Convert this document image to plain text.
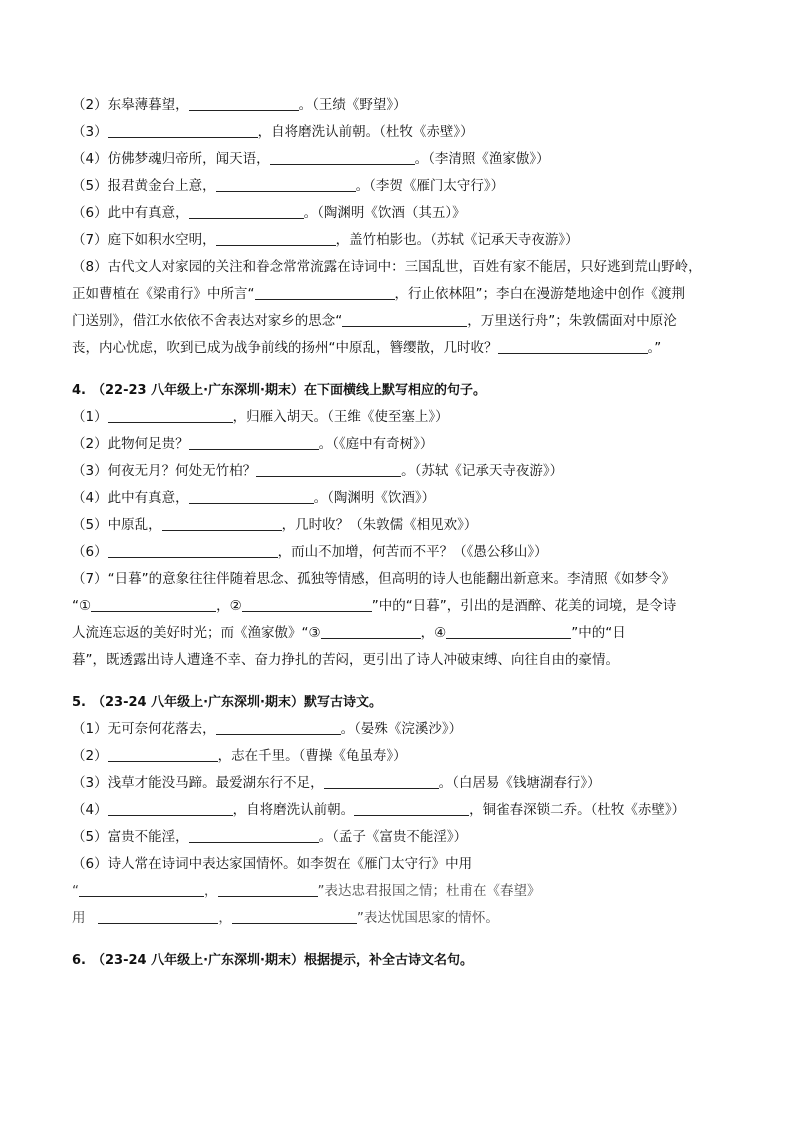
（2）东皋薄暮望，	。（王绩《野望》）
（3）	，自将磨洗认前朝。（杜牧《赤壁》）
（4）仿佛梦魂归帝所，闻天语，	。（李清照《渔家傲》）
（5）报君黄金台上意，	。（李贺《雁门太守行》）
（6）此中有真意，	。（陶渊明《饮酒（其五）》
（7）庭下如积水空明，	，盖竹柏影也。（苏轼《记承天寺夜游》）
（8）古代文人对家园的关注和眷念常常流露在诗词中：三国乱世，百姓有家不能居，只好逃到荒山野岭，
正如曹植在《梁甫行》中所言“	，行止依林阻”；李白在漫游楚地途中创作《渡荆
门送别》，借江水依依不舍表达对家乡的思念“	，万里送行舟”；朱敦儒面对中原沦
丧，内心忧虑，吹到已成为战争前线的扬州“中原乱，簪缨散，几时收？	。”
4. （22-23 八年级上·广东深圳·期末）在下面横线上默写相应的句子。
（1）	，归雁入胡天。（王维《使至塞上》）
（2）此物何足贵？	。（《庭中有奇树》）
（3）何夜无月？何处无竹柏？	。（苏轼《记承天寺夜游》）
（4）此中有真意，	。（陶渊明《饮酒》）
（5）中原乱，	，几时收？（朱敦儒《相见欢》）
（6）	，而山不加增，何苦而不平？（《愚公移山》）
（7）“日暮”的意象往往伴随着思念、孤独等情感，但高明的诗人也能翻出新意来。李清照《如梦令》
“①	，②	”中的“日暮”，引出的是酒醉、花美的词境，是令诗
人流连忘返的美好时光；而《渔家傲》“③	，④	”中的“日
暮”，既透露出诗人遭逢不幸、奋力挣扎的苦闷，更引出了诗人冲破束缚、向往自由的豪情。
5. （23-24 八年级上·广东深圳·期末）默写古诗文。
（1）无可奈何花落去，	。（晏殊《浣溪沙》）
（2）	，志在千里。（曹操《龟虽寿》）
（3）浅草才能没马蹄。最爱湖东行不足，	。（白居易《钱塘湖春行》）
（4）	，自将磨洗认前朝。	，铜雀春深锁二乔。（杜牧《赤壁》）
（5）富贵不能淫，	。（孟子《富贵不能淫》）
（6）诗人常在诗词中表达家国情怀。如李贺在《雁门太守行》中用
“	，	”表达忠君报国之情；杜甫在《春望》
用	，	”表达忧国思家的情怀。
6. （23-24 八年级上·广东深圳·期末）根据提示，补全古诗文名句。
